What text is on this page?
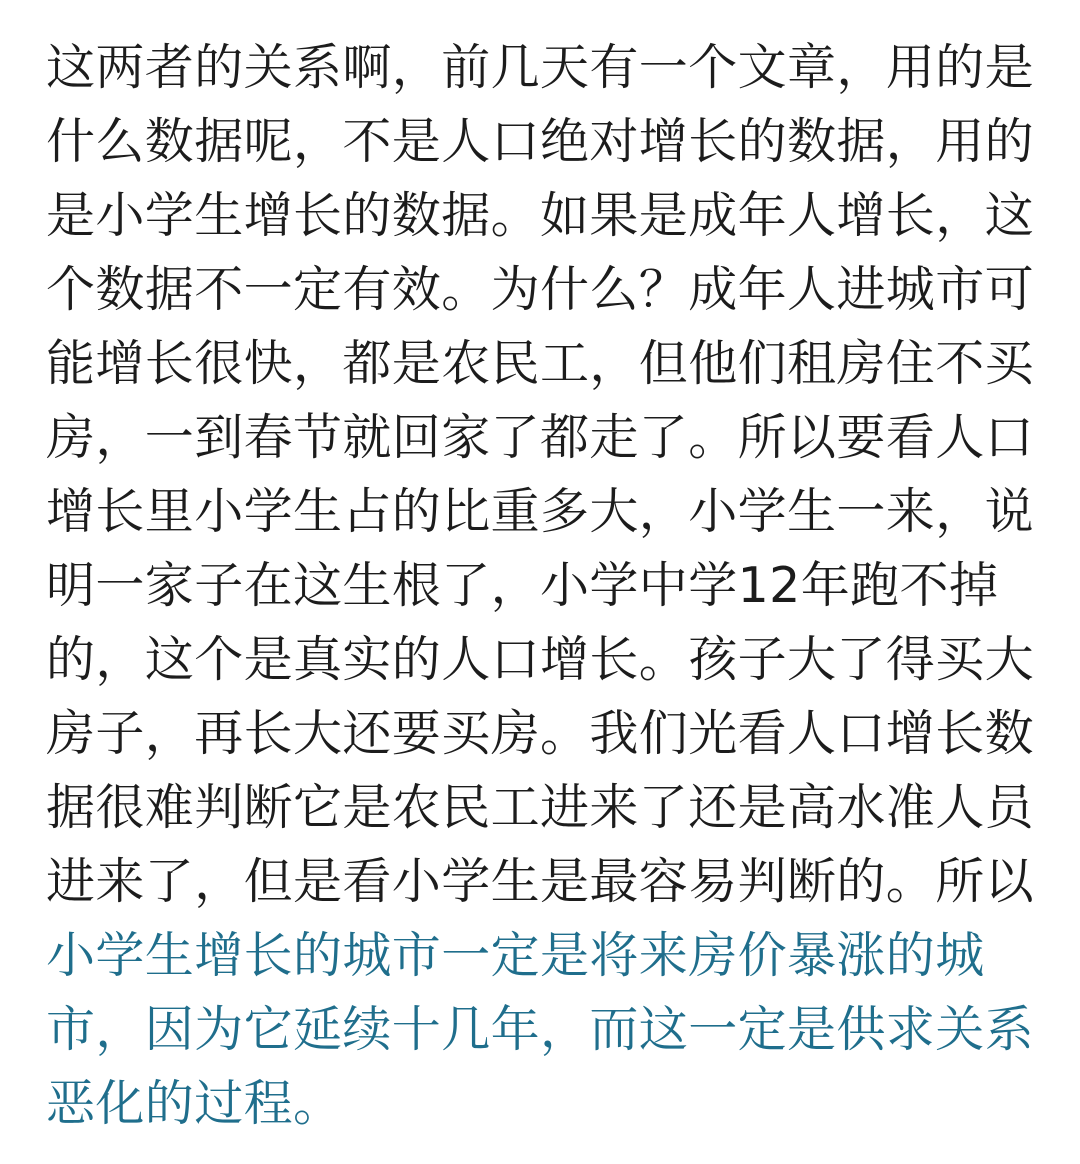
这两者的关系啊，前几天有一个文章，用的是
什么数据呢，不是人口绝对增长的数据，用的
是小学生增长的数据。如果是成年人增长，这
个数据不一定有效。为什么？成年人进城市可
能增长很快，都是农民工，但他们租房住不买
房，一到春节就回家了都走了。所以要看人口
增长里小学生占的比重多大，小学生一来，说
明一家子在这生根了，小学中学12年跑不掉
的，这个是真实的人口增长。孩子大了得买大
房子，再长大还要买房。我们光看人口增长数
据很难判断它是农民工进来了还是高水准人员
进来了，但是看小学生是最容易判断的。所以
小学生增长的城市一定是将来房价暴涨的城
市，因为它延续十几年，而这一定是供求关系
恶化的过程。
